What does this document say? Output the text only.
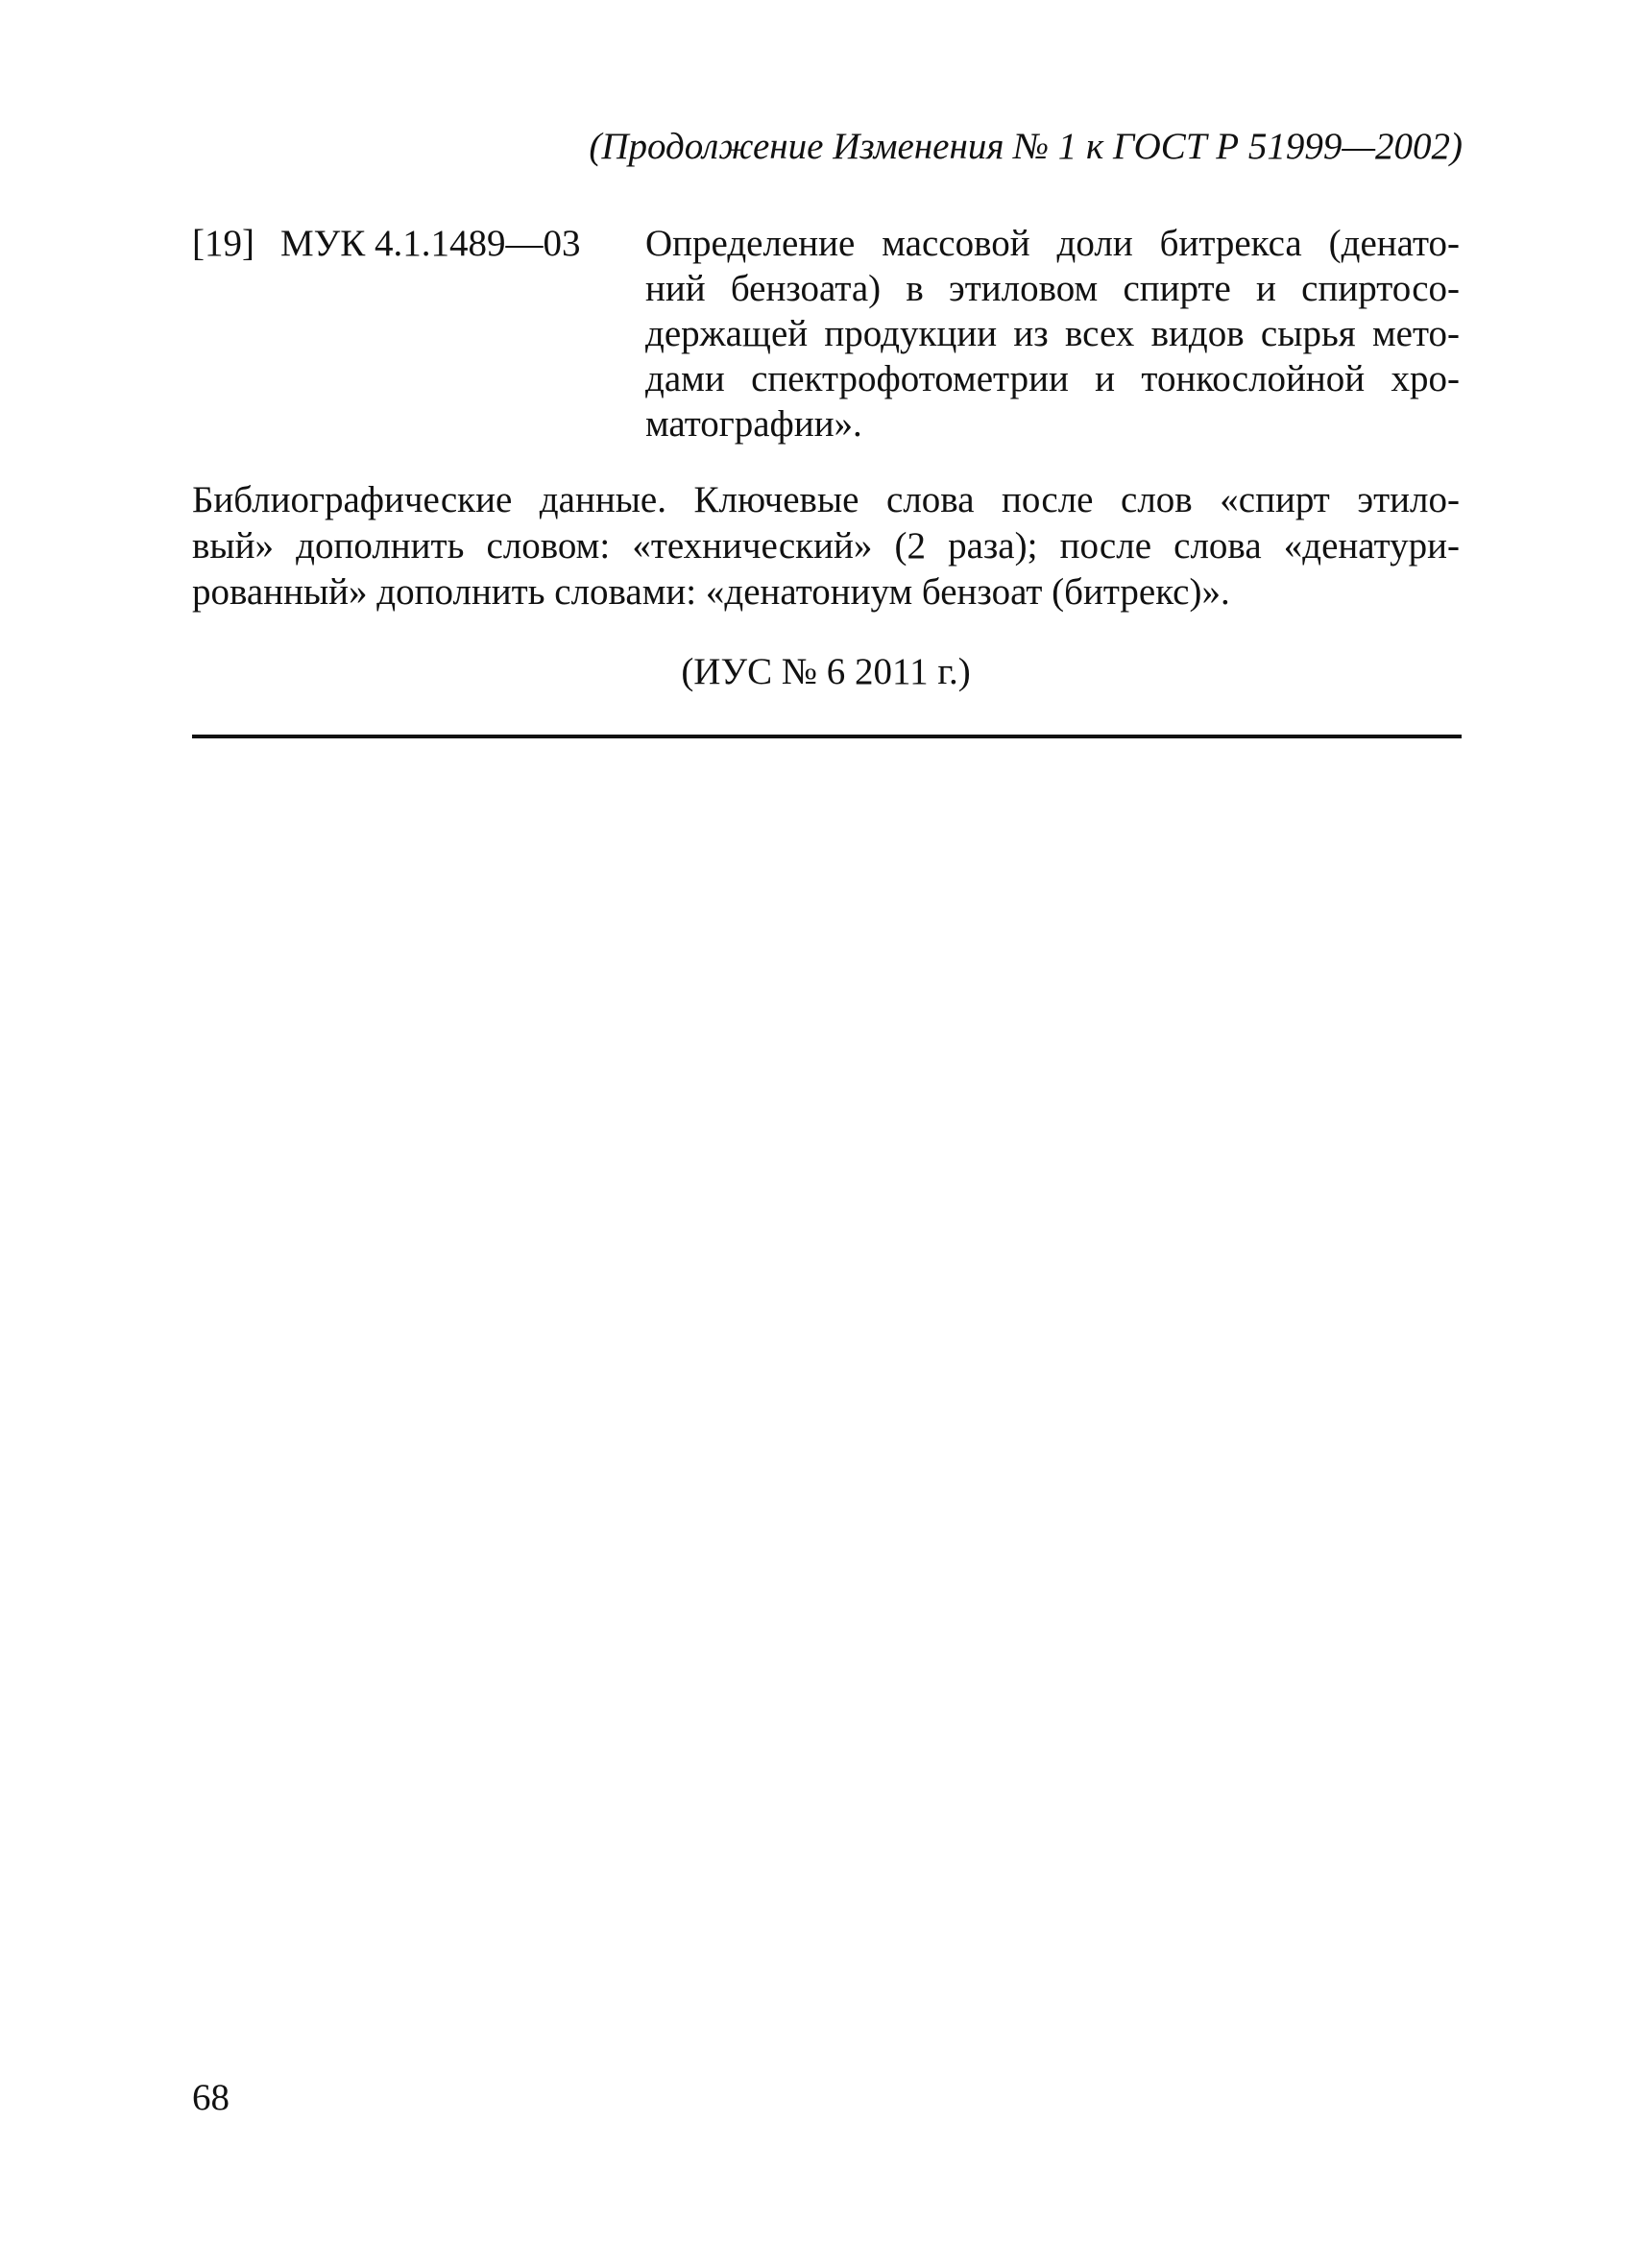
(Продолжение Изменения № 1 к ГОСТ Р 51999—2002)
[19] МУК 4.1.1489—03 Определение массовой доли битрекса (денато-
ний бензоата) в этиловом спирте и спиртосо-
держащей продукции из всех видов сырья мето-
дами спектрофотометрии и тонкослойной хро-
матографии».
Библиографические данные. Ключевые слова после слов «спирт этило-
вый» дополнить словом: «технический» (2 раза); после слова «денатури-
рованный» дополнить словами: «денатониум бензоат (битрекс)».
(ИУС № 6 2011 г.)
68
